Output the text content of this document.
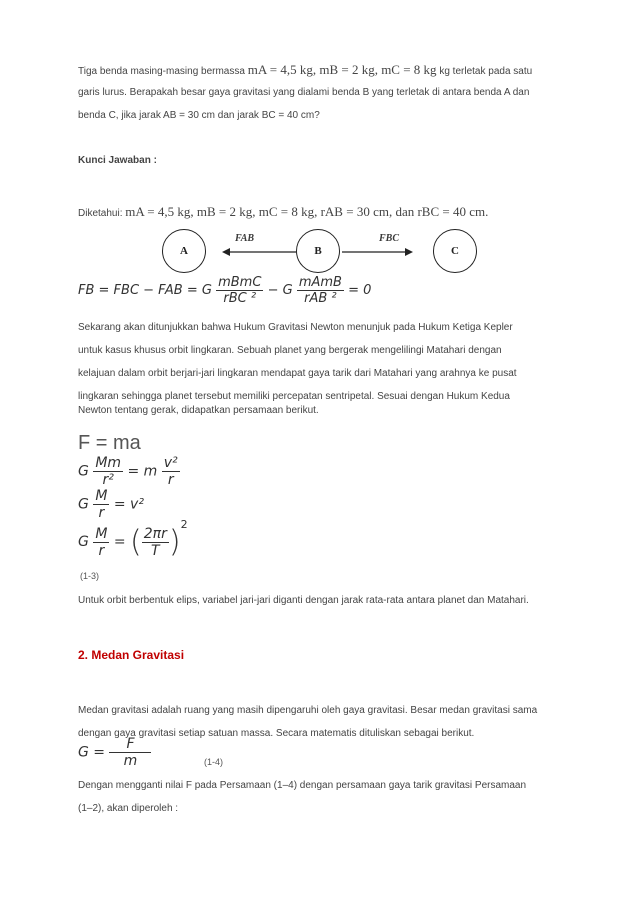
Tiga benda masing-masing bermassa mA = 4,5 kg, mB = 2 kg, mC = 8 kg kg terletak pada satu
garis lurus. Berapakah besar gaya gravitasi yang dialami benda B yang terletak di antara benda A dan
benda C, jika jarak AB = 30 cm dan jarak BC = 40 cm?
Kunci Jawaban :
Diketahui: mA = 4,5 kg, mB = 2 kg, mC = 8 kg, rAB = 30 cm, dan rBC = 40 cm.
A	B	C
FAB	FBC
FB = FBC − FAB = G $\frac{\text{mBmC}}{\text{rBC ²}} - G \frac{\text{mAmB}}{\text{rAB ²}} = 0$
Sekarang akan ditunjukkan bahwa Hukum Gravitasi Newton menunjuk pada Hukum Ketiga Kepler
untuk kasus khusus orbit lingkaran. Sebuah planet yang bergerak mengelilingi Matahari dengan
kelajuan dalam orbit berjari-jari lingkaran mendapat gaya tarik dari Matahari yang arahnya ke pusat
lingkaran sehingga planet tersebut memiliki percepatan sentripetal. Sesuai dengan Hukum Kedua
Newton tentang gerak, didapatkan persamaan berikut.
F = ma
G $\frac{Mm}{\text{r²}} = m \frac{\text{v²}}{r}$
G $\frac{M}{r} = v^2$
G $\frac{M}{r}$ = ( $\frac{2\pi r}{T} )^2$
(1-3)
Untuk orbit berbentuk elips, variabel jari-jari diganti dengan jarak rata-rata antara planet dan Matahari.
2. Medan Gravitasi
Medan gravitasi adalah ruang yang masih dipengaruhi oleh gaya gravitasi. Besar medan gravitasi sama
dengan gaya gravitasi setiap satuan massa. Secara matematis dituliskan sebagai berikut.
$G = \frac{F}{m}$	(1-4)
Dengan mengganti nilai F pada Persamaan (1–4) dengan persamaan gaya tarik gravitasi Persamaan
(1–2), akan diperoleh :
